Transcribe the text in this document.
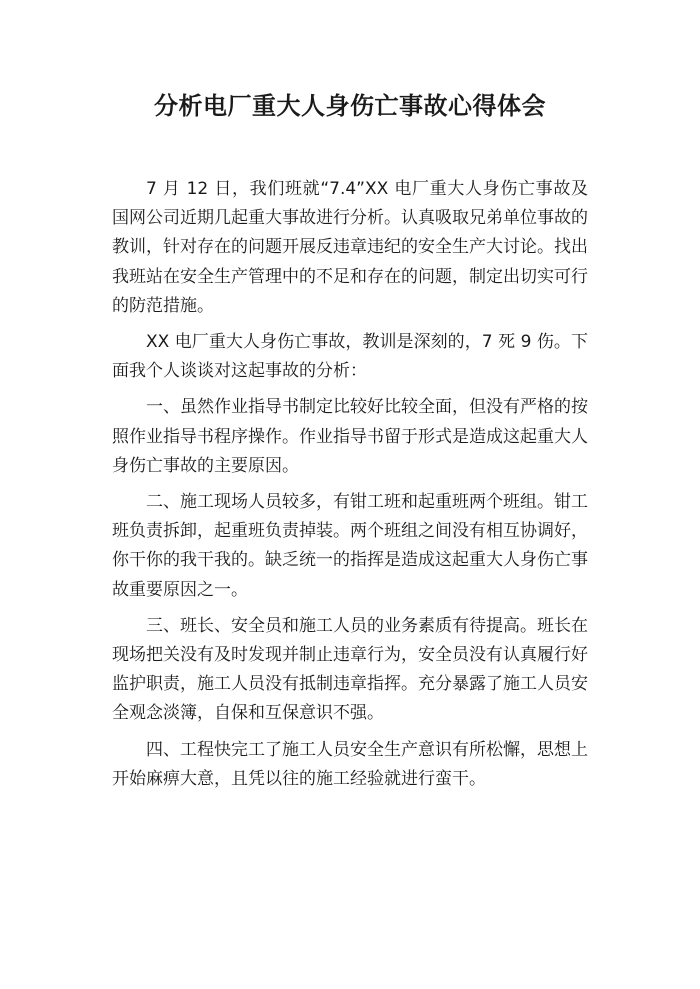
分析电厂重大人身伤亡事故心得体会

7 月 12 日，我们班就“7.4”XX 电厂重大人身伤亡事故及国网公司近期几起重大事故进行分析。认真吸取兄弟单位事故的教训，针对存在的问题开展反违章违纪的安全生产大讨论。找出我班站在安全生产管理中的不足和存在的问题，制定出切实可行的防范措施。

XX 电厂重大人身伤亡事故，教训是深刻的，7 死 9 伤。下面我个人谈谈对这起事故的分析：

一、虽然作业指导书制定比较好比较全面，但没有严格的按照作业指导书程序操作。作业指导书留于形式是造成这起重大人身伤亡事故的主要原因。

二、施工现场人员较多，有钳工班和起重班两个班组。钳工班负责拆卸，起重班负责掉装。两个班组之间没有相互协调好，你干你的我干我的。缺乏统一的指挥是造成这起重大人身伤亡事故重要原因之一。

三、班长、安全员和施工人员的业务素质有待提高。班长在现场把关没有及时发现并制止违章行为，安全员没有认真履行好监护职责，施工人员没有抵制违章指挥。充分暴露了施工人员安全观念淡簿，自保和互保意识不强。

四、工程快完工了施工人员安全生产意识有所松懈，思想上开始麻痹大意，且凭以往的施工经验就进行蛮干。
